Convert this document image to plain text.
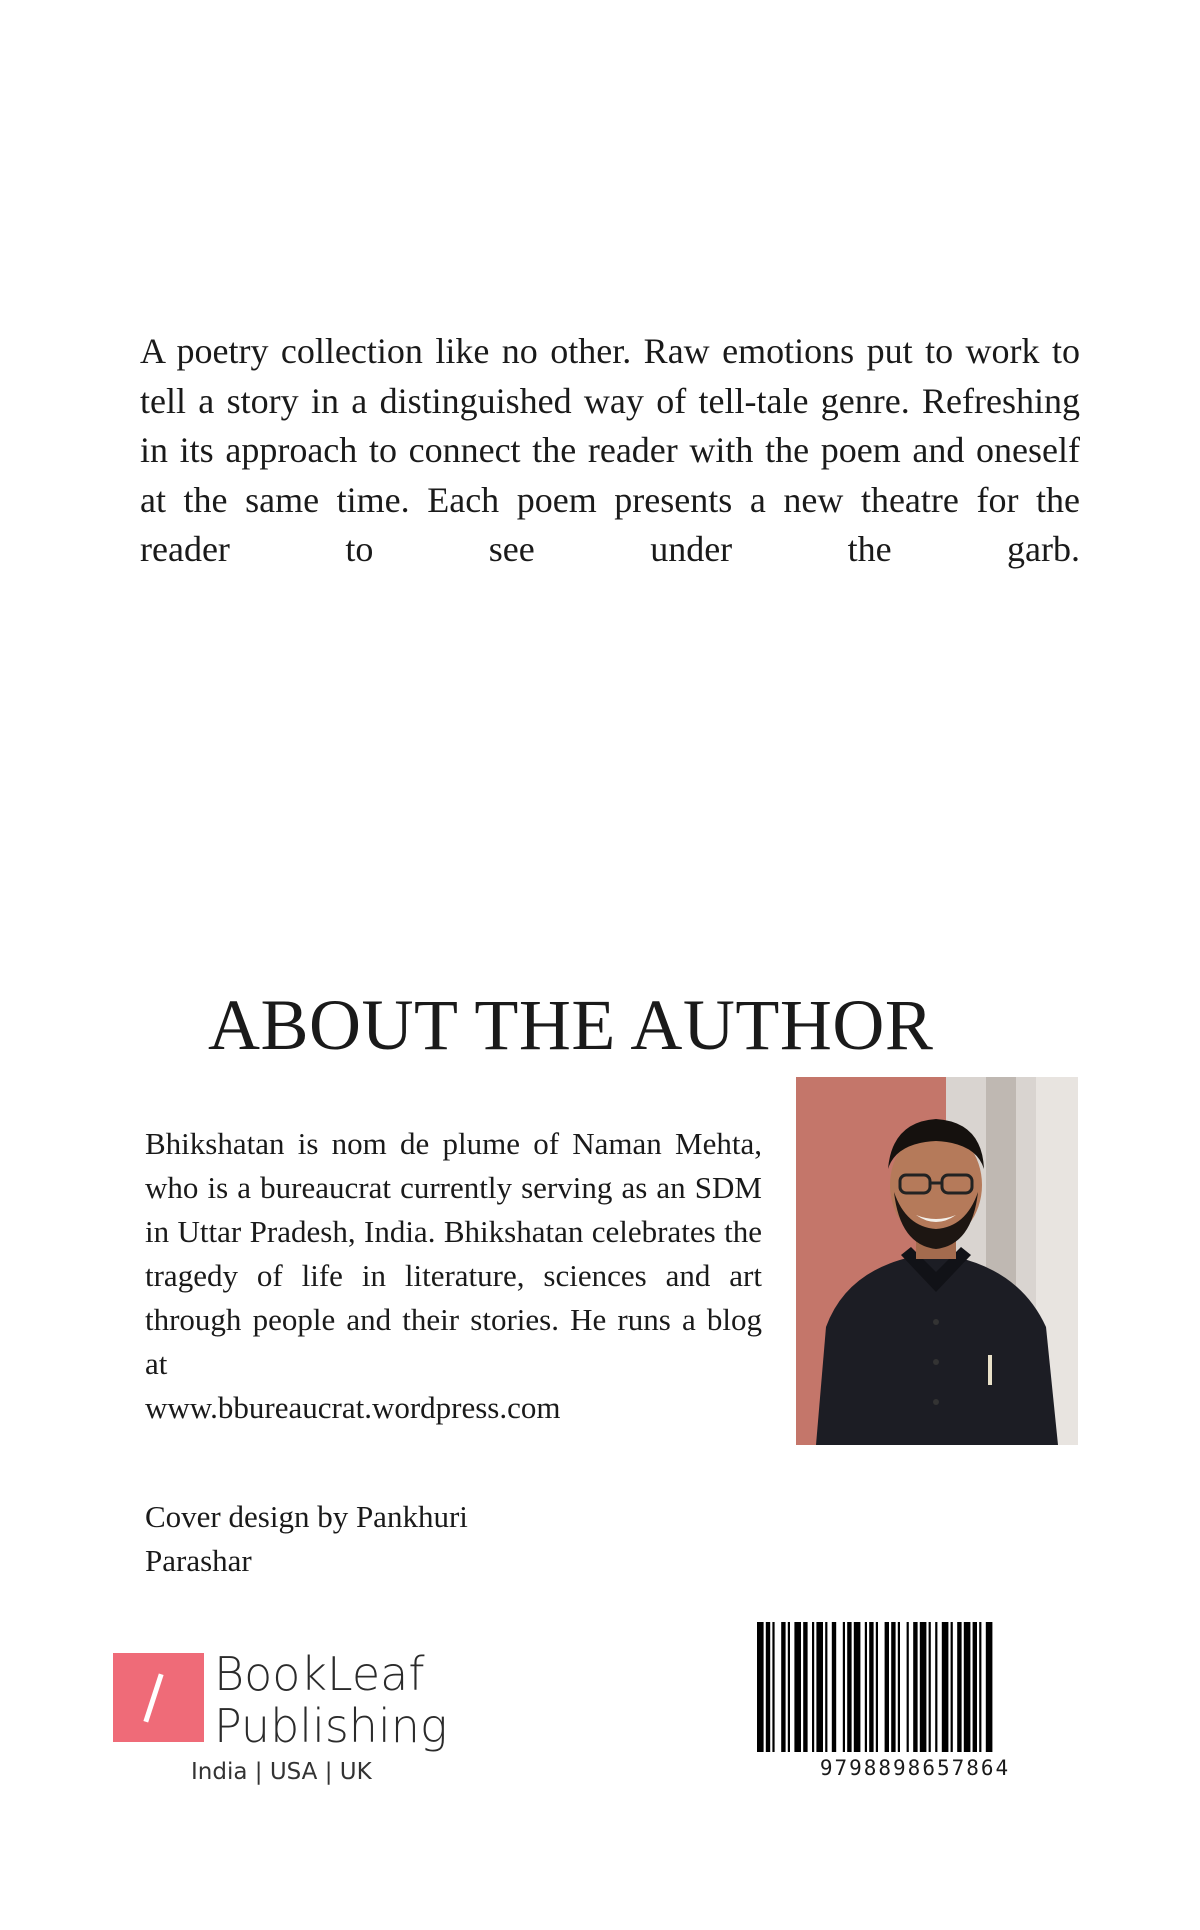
A poetry collection like no other. Raw emotions put to work to tell a story in a distinguished way of tell-tale genre. Refreshing in its approach to connect the reader with the poem and oneself at the same time. Each poem presents a new theatre for the reader to see under the garb.

ABOUT THE AUTHOR

Bhikshatan is nom de plume of Naman Mehta, who is a bureaucrat currently serving as an SDM in Uttar Pradesh, India. Bhikshatan celebrates the tragedy of life in literature, sciences and art through people and their stories. He runs a blog at
www.bbureaucrat.wordpress.com

Cover design by Pankhuri
Parashar

BookLeaf
Publishing
India | USA | UK	9798898657864
